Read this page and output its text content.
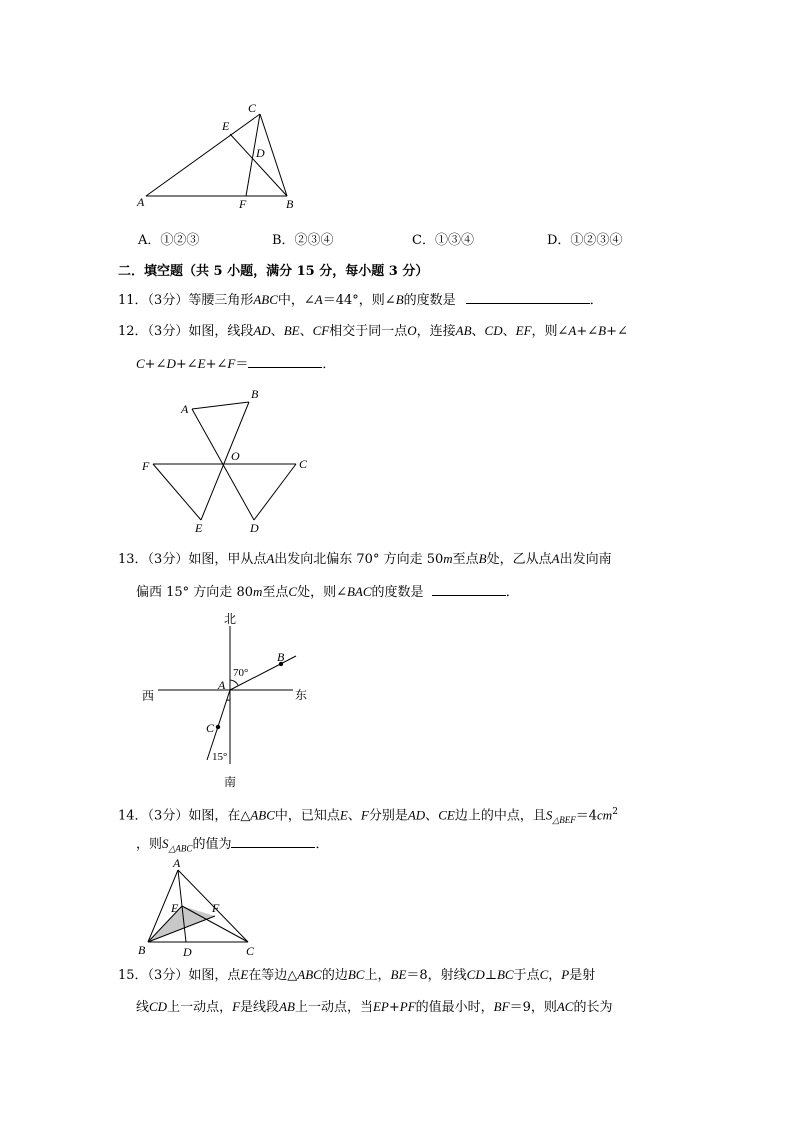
C
E
D
A	F	B
A．①②③	B．②③④	C．①③④	D．①②③④
二．填空题（共 5 小题，满分 15 分，每小题 3 分）
11．（3分）等腰三角形ABC中，∠A＝44°，则∠B的度数是	．
12．（3分）如图，线段AD、BE、CF相交于同一点O，连接AB、CD、EF，则∠A+∠B+∠
C+∠D+∠E+∠F＝	．
A
B
F
O
C
E	D
13．（3分）如图，甲从点A出发向北偏东 70° 方向走 50m至点B处，乙从点A出发向南
偏西 15° 方向走 80m至点C处，则∠BAC的度数是	．
北
南
西	东
A
B
C
70°
15°
14．（3分）如图，在△ABC中，已知点E、F分别是AD、CE边上的中点，且$S_{\triangle BEF}=4cm^2$
，则$S_{\triangle ABC}$的值为	．
A
E	F
B	D	C
15．（3分）如图，点E在等边△ABC的边BC上，BE＝8，射线CD⊥BC于点C，P是射
线CD上一动点，F是线段AB上一动点，当EP+PF的值最小时，BF＝9，则AC的长为
